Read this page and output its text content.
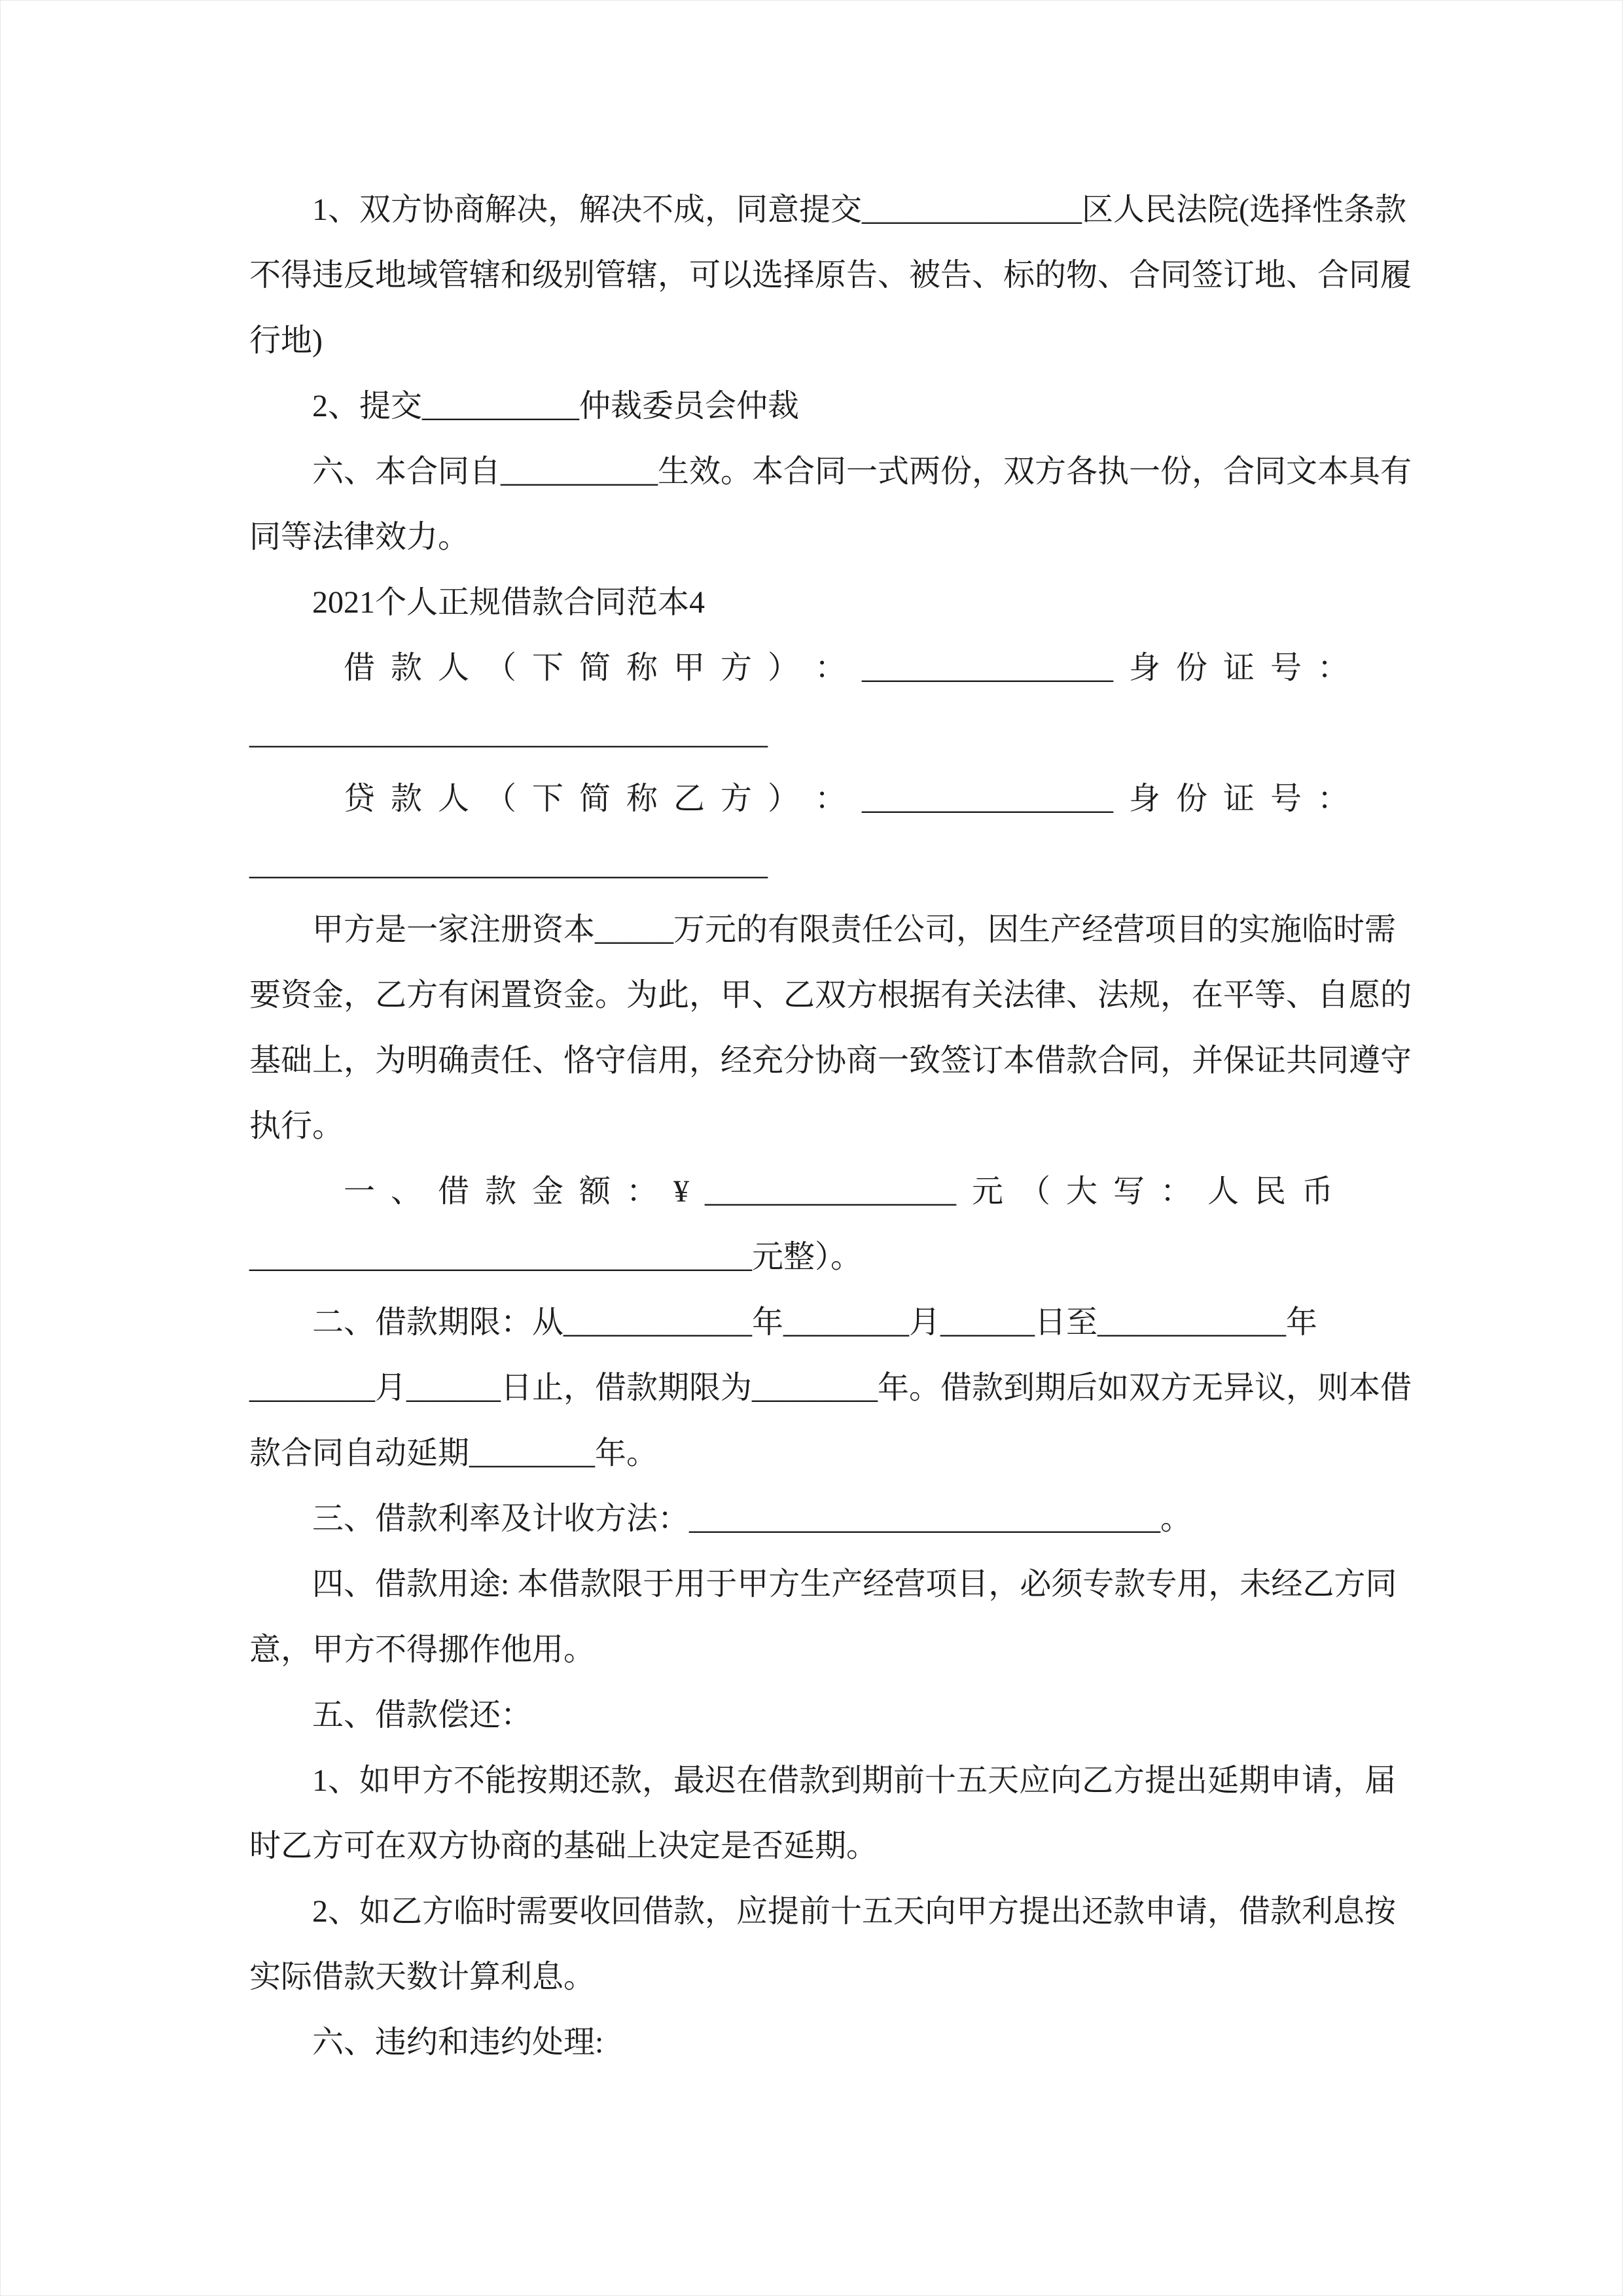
1、双方协商解决，解决不成，同意提交______________区人民法院(选择性条款不得违反地域管辖和级别管辖，可以选择原告、被告、标的物、合同签订地、合同履行地)

2、提交__________仲裁委员会仲裁

六、本合同自__________生效。本合同一式两份，双方各执一份，合同文本具有同等法律效力。

2021个人正规借款合同范本4

借  款  人  （  下  简  称  甲  方  ）  ：  ________________  身  份  证  号  ：

_________________________________

贷  款  人  （  下  简  称  乙  方  ）  ：  ________________  身  份  证  号  ：

_________________________________

甲方是一家注册资本_____万元的有限责任公司，因生产经营项目的实施临时需要资金，乙方有闲置资金。为此，甲、乙双方根据有关法律、法规，在平等、自愿的基础上，为明确责任、恪守信用，经充分协商一致签订本借款合同，并保证共同遵守执行。

一  、  借  款  金  额  ：  ¥  ________________  元  （  大  写  ：  人  民  币

________________________________元整）。

二、借款期限：从____________年________月______日至____________年________月______日止，借款期限为________年。借款到期后如双方无异议，则本借款合同自动延期________年。

三、借款利率及计收方法：______________________________。

四、借款用途: 本借款限于用于甲方生产经营项目，必须专款专用，未经乙方同意，甲方不得挪作他用。

五、借款偿还：

1、如甲方不能按期还款，最迟在借款到期前十五天应向乙方提出延期申请，届时乙方可在双方协商的基础上决定是否延期。

2、如乙方临时需要收回借款，应提前十五天向甲方提出还款申请，借款利息按实际借款天数计算利息。

六、违约和违约处理:
